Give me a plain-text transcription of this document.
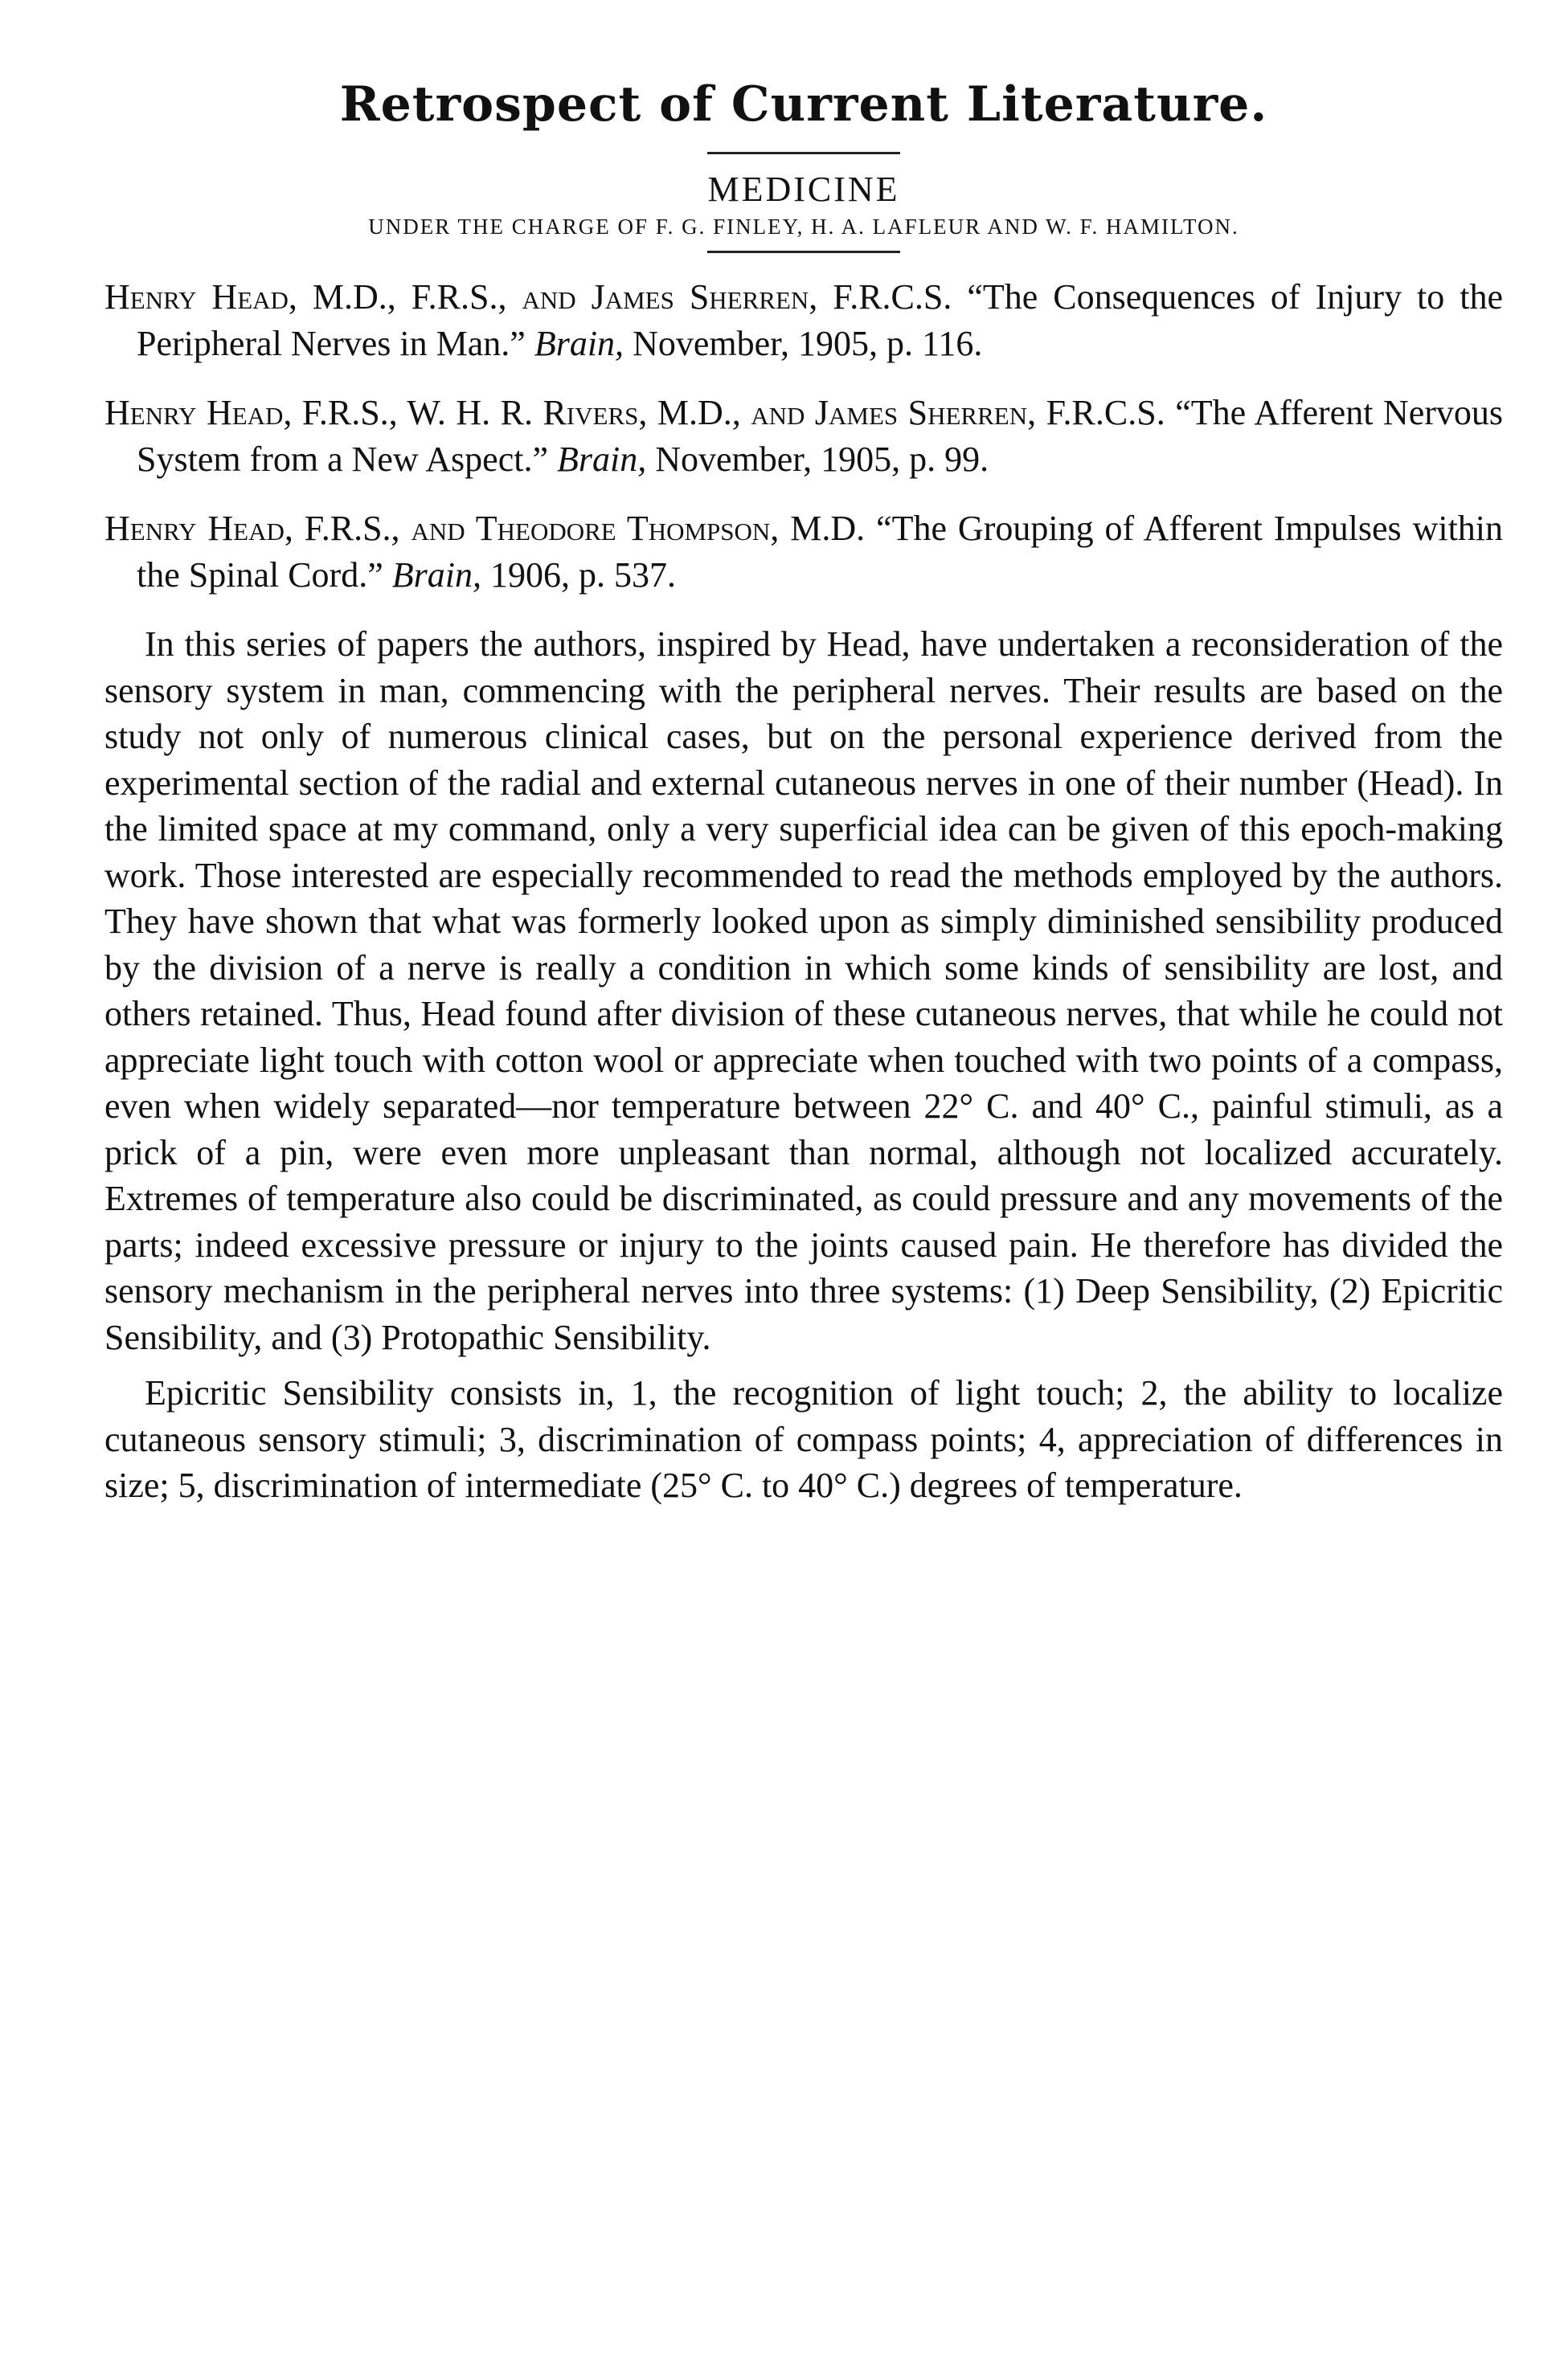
Retrospect of Current Literature.
MEDICINE
UNDER THE CHARGE OF F. G. FINLEY, H. A. LAFLEUR AND W. F. HAMILTON.

Henry Head, M.D., F.R.S., and James Sherren, F.R.C.S. “The Consequences of Injury to the Peripheral Nerves in Man.” Brain, November, 1905, p. 116.

Henry Head, F.R.S., W. H. R. Rivers, M.D., and James Sherren, F.R.C.S. “The Afferent Nervous System from a New Aspect.” Brain, November, 1905, p. 99.

Henry Head, F.R.S., and Theodore Thompson, M.D. “The Grouping of Afferent Impulses within the Spinal Cord.” Brain, 1906, p. 537.

In this series of papers the authors, inspired by Head, have undertaken a reconsideration of the sensory system in man, commencing with the peripheral nerves. Their results are based on the study not only of numerous clinical cases, but on the personal experience derived from the experimental section of the radial and external cutaneous nerves in one of their number (Head). In the limited space at my command, only a very superficial idea can be given of this epoch-making work. Those interested are especially recommended to read the methods employed by the authors. They have shown that what was formerly looked upon as simply diminished sensibility produced by the division of a nerve is really a condition in which some kinds of sensibility are lost, and others retained. Thus, Head found after division of these cutaneous nerves, that while he could not appreciate light touch with cotton wool or appreciate when touched with two points of a compass, even when widely separated—nor temperature between 22° C. and 40° C., painful stimuli, as a prick of a pin, were even more unpleasant than normal, although not localized accurately. Extremes of temperature also could be discriminated, as could pressure and any movements of the parts; indeed excessive pressure or injury to the joints caused pain. He therefore has divided the sensory mechanism in the peripheral nerves into three systems: (1) Deep Sensibility, (2) Epicritic Sensibility, and (3) Protopathic Sensibility.

Epicritic Sensibility consists in, 1, the recognition of light touch; 2, the ability to localize cutaneous sensory stimuli; 3, discrimination of compass points; 4, appreciation of differences in size; 5, discrimination of intermediate (25° C. to 40° C.) degrees of temperature.
